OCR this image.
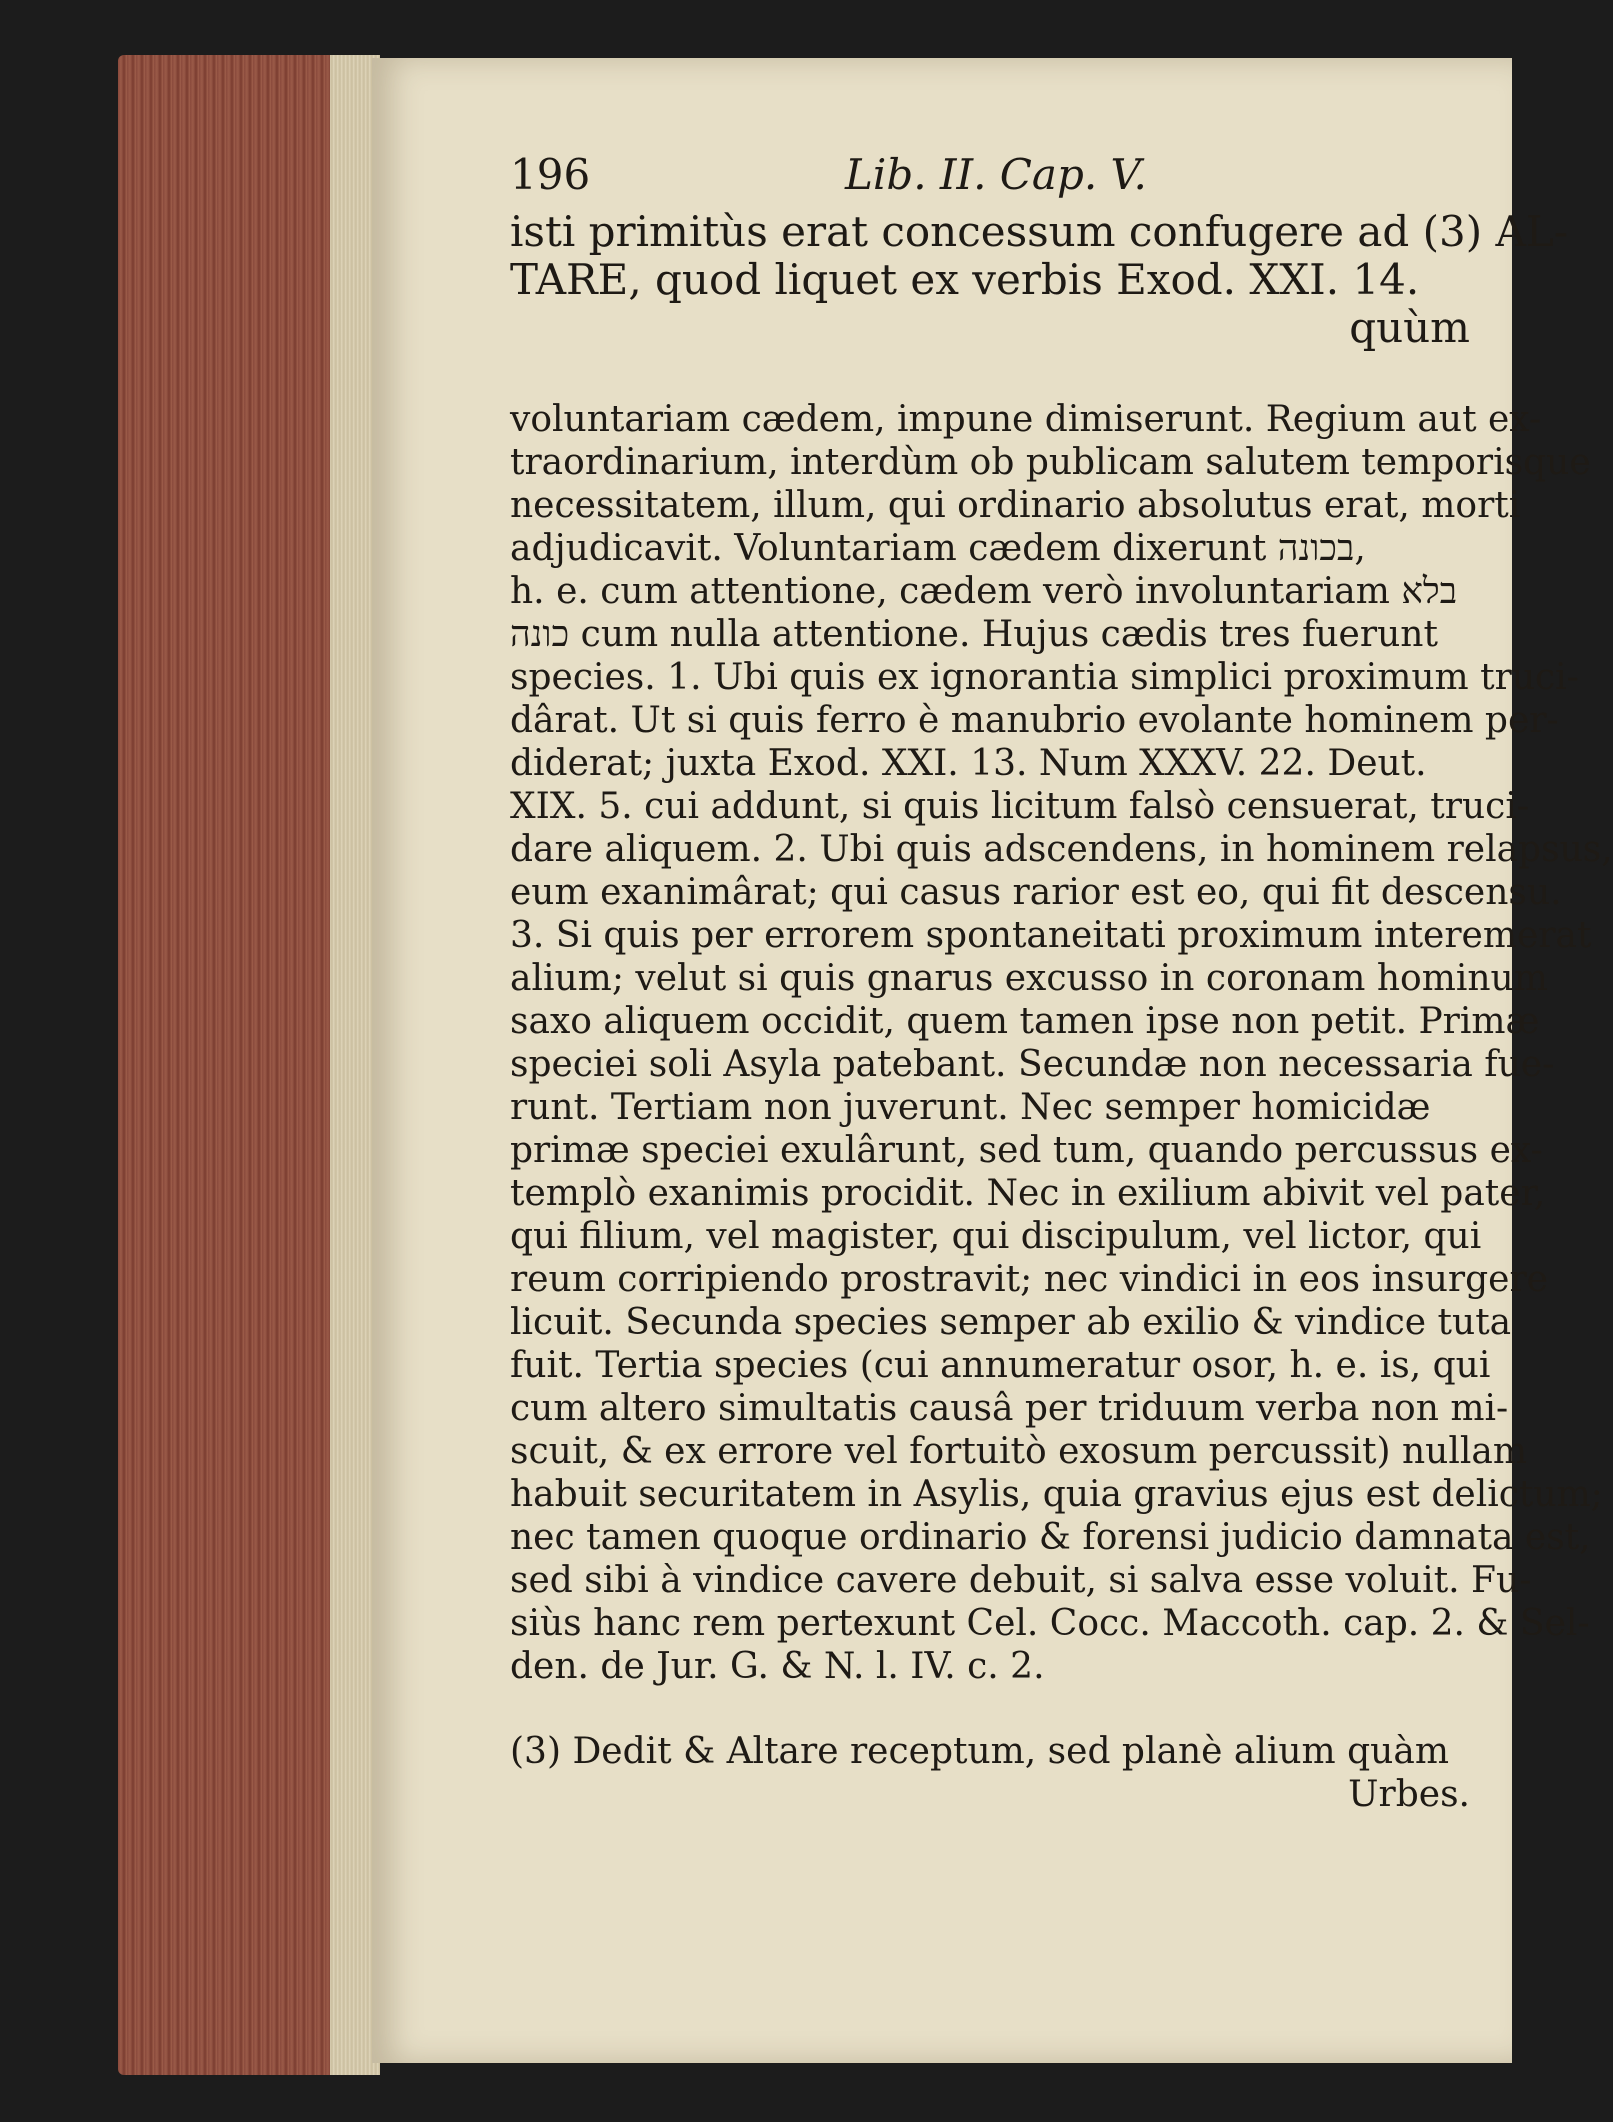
196	Lib. II. Cap. V.
isti primitùs erat concessum confugere ad (3) AL-
TARE, quod liquet ex verbis Exod. XXI. 14.
quùm
voluntariam cædem, impune dimiserunt. Regium aut ex-
traordinarium, interdùm ob publicam salutem temporisque
necessitatem, illum, qui ordinario absolutus erat, morti
adjudicavit. Voluntariam cædem dixerunt בכונה,
h. e. cum attentione, cædem verò involuntariam בלא
כונה cum nulla attentione. Hujus cædis tres fuerunt
species. 1. Ubi quis ex ignorantia simplici proximum truci-
dârat. Ut si quis ferro è manubrio evolante hominem per-
diderat; juxta Exod. XXI. 13. Num XXXV. 22. Deut.
XIX. 5. cui addunt, si quis licitum falsò censuerat, truci-
dare aliquem. 2. Ubi quis adscendens, in hominem relapsus,
eum exanimârat; qui casus rarior est eo, qui fit descensu.
3. Si quis per errorem spontaneitati proximum interemerat
alium; velut si quis gnarus excusso in coronam hominum
saxo aliquem occidit, quem tamen ipse non petit. Primæ
speciei soli Asyla patebant. Secundæ non necessaria fue-
runt. Tertiam non juverunt. Nec semper homicidæ
primæ speciei exulârunt, sed tum, quando percussus ex-
templò exanimis procidit. Nec in exilium abivit vel pater,
qui filium, vel magister, qui discipulum, vel lictor, qui
reum corripiendo prostravit; nec vindici in eos insurgere
licuit. Secunda species semper ab exilio & vindice tuta
fuit. Tertia species (cui annumeratur osor, h. e. is, qui
cum altero simultatis causâ per triduum verba non mi-
scuit, & ex errore vel fortuitò exosum percussit) nullam
habuit securitatem in Asylis, quia gravius ejus est delictum;
nec tamen quoque ordinario & forensi judicio damnata est,
sed sibi à vindice cavere debuit, si salva esse voluit. Fu-
siùs hanc rem pertexunt Cel. Cocc. Maccoth. cap. 2. & Sel-
den. de Jur. G. & N. l. IV. c. 2.
(3) Dedit & Altare receptum, sed planè alium quàm
Urbes.
